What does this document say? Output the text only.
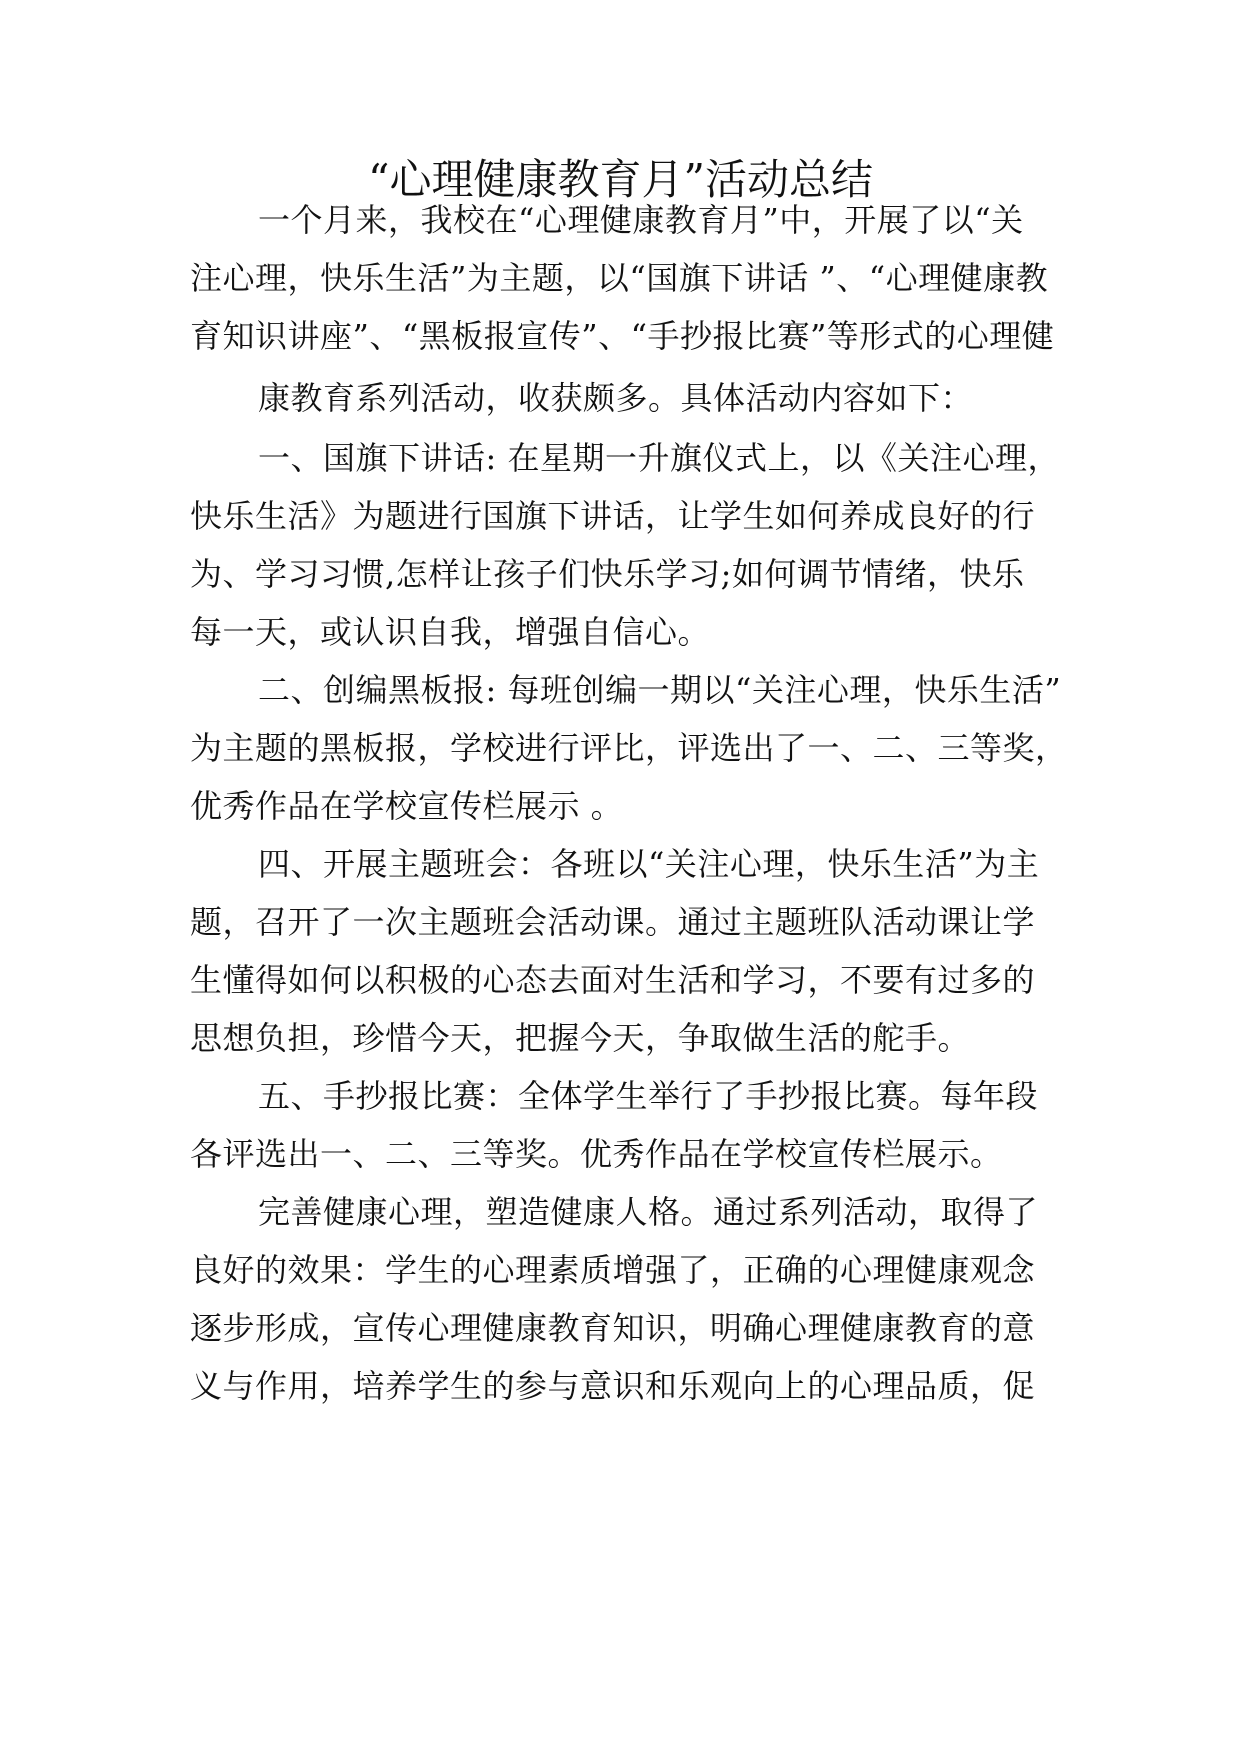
“心理健康教育月”活动总结
一个月来，我校在“心理健康教育月”中，开展了以“关
注心理，快乐生活”为主题，以“国旗下讲话 ”、“心理健康教
育知识讲座”、“黑板报宣传”、“手抄报比赛”等形式的心理健
康教育系列活动，收获颇多。具体活动内容如下：
一、国旗下讲话: 在星期一升旗仪式上，以《关注心理，
快乐生活》为题进行国旗下讲话，让学生如何养成良好的行
为、学习习惯,怎样让孩子们快乐学习;如何调节情绪，快乐
每一天，或认识自我，增强自信心。
二、创编黑板报: 每班创编一期以“关注心理，快乐生活”
为主题的黑板报，学校进行评比，评选出了一、二、三等奖，
优秀作品在学校宣传栏展示 。
四、开展主题班会：各班以“关注心理，快乐生活”为主
题，召开了一次主题班会活动课。通过主题班队活动课让学
生懂得如何以积极的心态去面对生活和学习，不要有过多的
思想负担，珍惜今天，把握今天，争取做生活的舵手。
五、手抄报比赛：全体学生举行了手抄报比赛。每年段
各评选出一、二、三等奖。优秀作品在学校宣传栏展示。
完善健康心理，塑造健康人格。通过系列活动，取得了
良好的效果：学生的心理素质增强了，正确的心理健康观念
逐步形成，宣传心理健康教育知识，明确心理健康教育的意
义与作用，培养学生的参与意识和乐观向上的心理品质，促
